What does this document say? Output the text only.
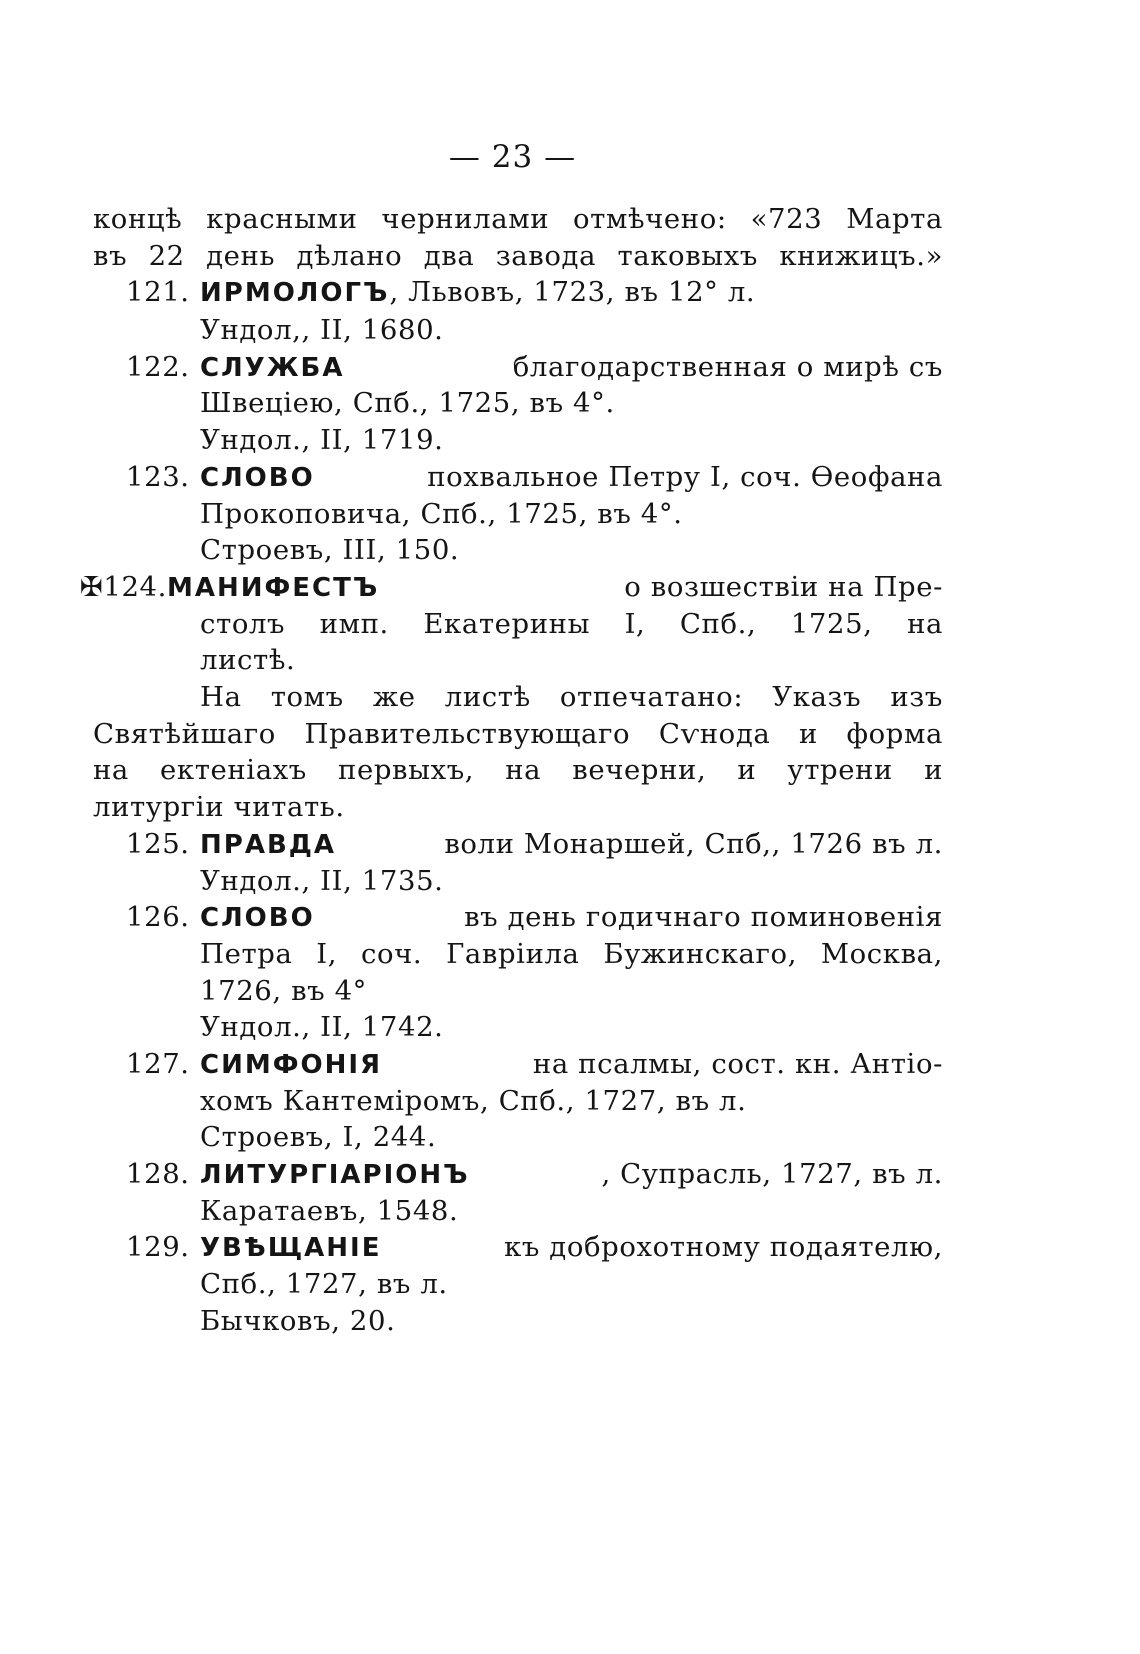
— 23 —
концѣ красными чернилами отмѣчено: «723 Марта
въ 22 день дѣлано два завода таковыхъ книжицъ.»
121. ИРМОЛОГЪ, Львовъ, 1723, въ 12° л.
Ундол,, II, 1680.
122. СЛУЖБА	благодарственная о мирѣ съ
Швеціею, Спб., 1725, въ 4°.
Ундол., II, 1719.
123. СЛОВО	похвальное Петру I, соч. Ѳеофана
Прокоповича, Спб., 1725, въ 4°.
Строевъ, III, 150.
✠124.МАНИФЕСТЪ	о возшествіи на Пре-
столъ имп. Екатерины I, Спб., 1725, на
листѣ.
На томъ же листѣ отпечатано: Указъ изъ
Святѣйшаго Правительствующаго Сѵнода и форма
на ектеніахъ первыхъ, на вечерни, и утрени и
литургіи читать.
125. ПРАВДА	воли Монаршей, Спб,, 1726 въ л.
Ундол., II, 1735.
126. СЛОВО	въ день годичнаго поминовенія
Петра I, соч. Гавріила Бужинскаго, Москва,
1726, въ 4°
Ундол., II, 1742.
127. СИМФОНІЯ	на псалмы, сост. кн. Антіо-
хомъ Кантеміромъ, Спб., 1727, въ л.
Строевъ, I, 244.
128. ЛИТУРГІАРІОНЪ	, Супрасль, 1727, въ л.
Каратаевъ, 1548.
129. УВѢЩАНІЕ	къ доброхотному подаятелю,
Спб., 1727, въ л.
Бычковъ, 20.
